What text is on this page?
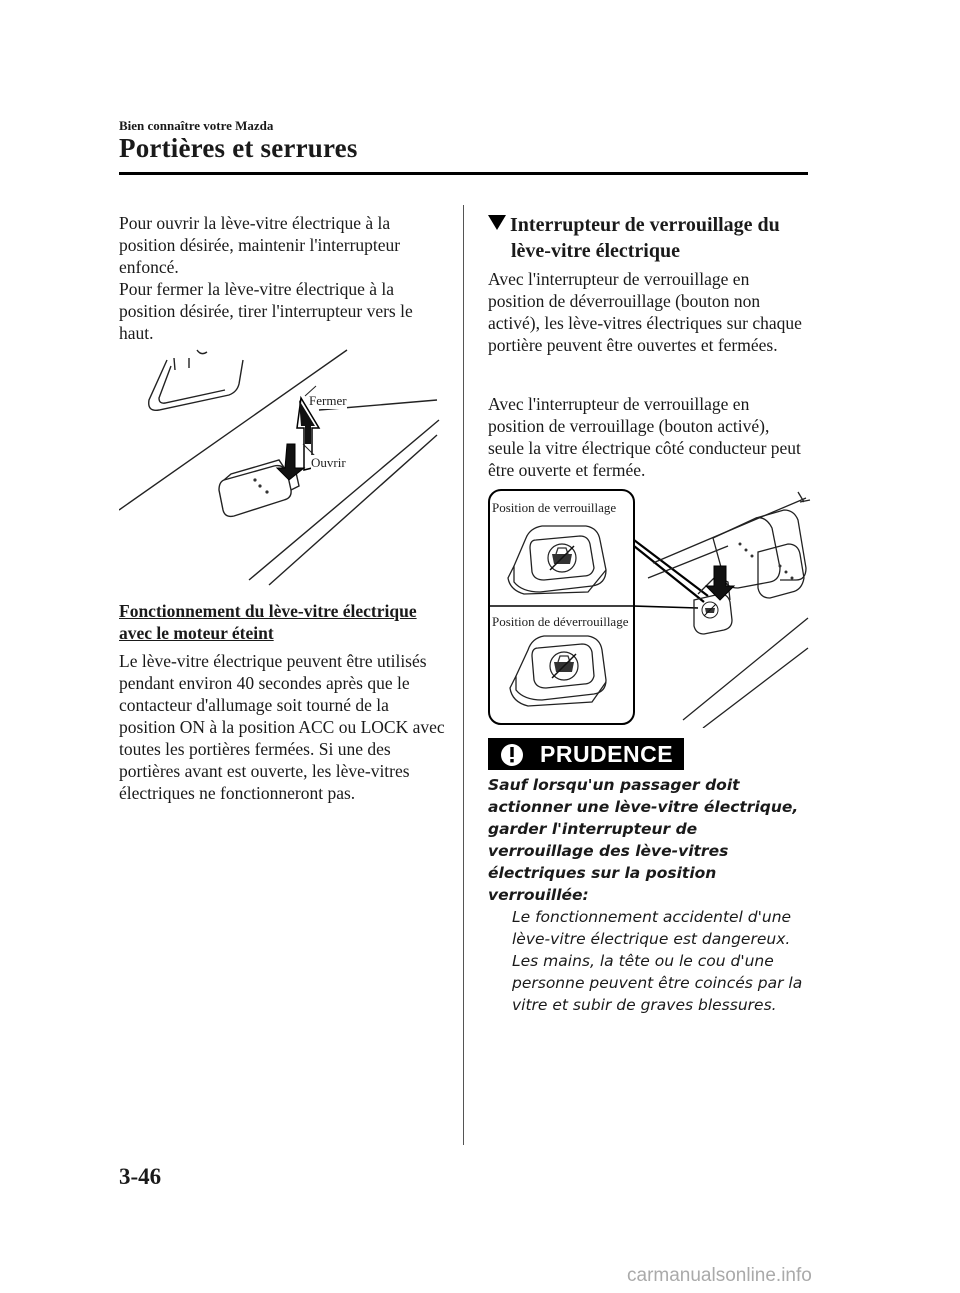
Bien connaître votre Mazda
Portières et serrures
Pour ouvrir la lève-vitre électrique à la position désirée, maintenir l'interrupteur enfoncé.
Pour fermer la lève-vitre électrique à la position désirée, tirer l'interrupteur vers le haut.
Fermer
Ouvrir
Fonctionnement du lève-vitre électrique avec le moteur éteint
Le lève-vitre électrique peuvent être utilisés pendant environ 40 secondes après que le contacteur d'allumage soit tourné de la position ON à la position ACC ou LOCK avec toutes les portières fermées. Si une des portières avant est ouverte, les lève-vitres électriques ne fonctionneront pas.
Interrupteur de verrouillage du
lève-vitre électrique
Avec l'interrupteur de verrouillage en position de déverrouillage (bouton non activé), les lève-vitres électriques sur chaque portière peuvent être ouvertes et fermées.
Avec l'interrupteur de verrouillage en position de verrouillage (bouton activé), seule la vitre électrique côté conducteur peut être ouverte et fermée.
Position de verrouillage
Position de déverrouillage
PRUDENCE
Sauf lorsqu'un passager doit actionner une lève-vitre électrique, garder l'interrupteur de verrouillage des lève-vitres électriques sur la position verrouillée:
Le fonctionnement accidentel d'une lève-vitre électrique est dangereux. Les mains, la tête ou le cou d'une personne peuvent être coincés par la vitre et subir de graves blessures.
3-46
carmanualsonline.info
